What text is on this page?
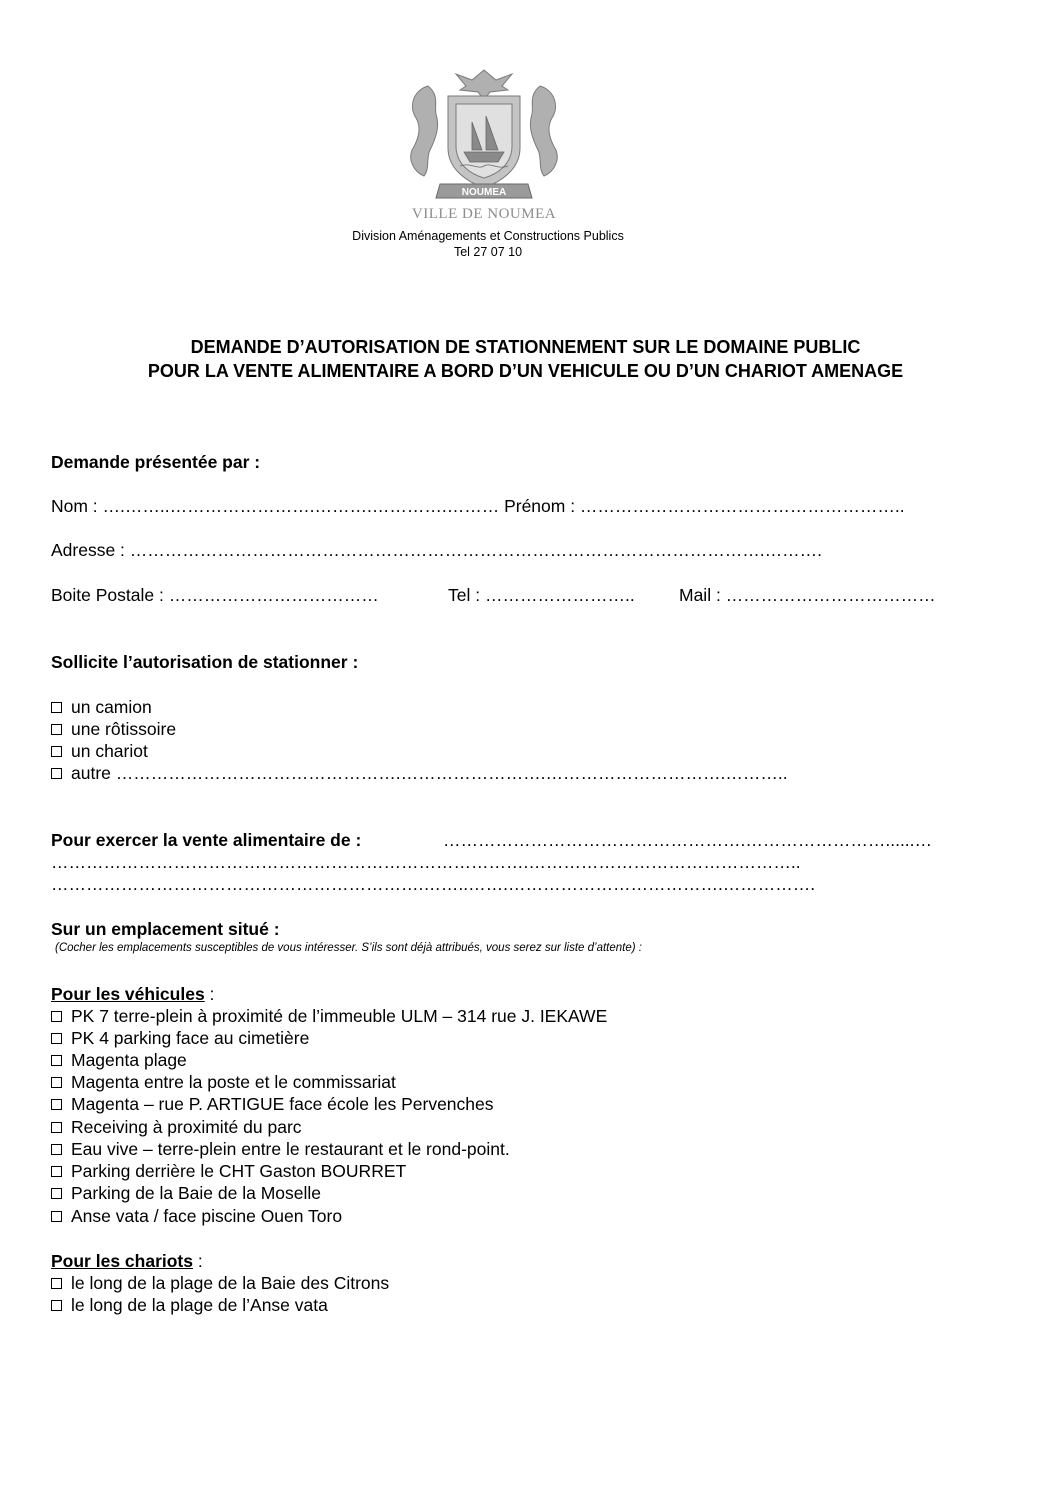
NOUMEA
VILLE DE NOUMEA
Division Aménagements et Constructions Publics
Tel 27 07 10
DEMANDE D’AUTORISATION DE STATIONNEMENT SUR LE DOMAINE PUBLIC
POUR LA VENTE ALIMENTAIRE A BORD D’UN VEHICULE OU D’UN CHARIOT AMENAGE
Demande présentée par :
Nom : ….……..…………………….……….………….……… Prénom : ………………………………………………..
Adresse : ……………………………………………………………………………………………….……….
Boite Postale : ………………………………	Tel : ……………………..	Mail : ………………………………
Sollicite l’autorisation de stationner :
un camion
une rôtissoire
un chariot
autre ………………………………………….…………………….………………………….………..
Pour exercer la vente alimentaire de :	…………………………………………….……………………......…
……………………………………………………………………….………………………………………..
……………………………………………………….……..…….……………………………….…………….
Sur un emplacement situé :
(Cocher les emplacements susceptibles de vous intéresser. S’ils sont déjà attribués, vous serez sur liste d’attente) :
Pour les véhicules :
PK 7 terre-plein à proximité de l’immeuble ULM – 314 rue J. IEKAWE
PK 4 parking face au cimetière
Magenta plage
Magenta entre la poste et le commissariat
Magenta – rue P. ARTIGUE face école les Pervenches
Receiving à proximité du parc
Eau vive – terre-plein entre le restaurant et le rond-point.
Parking derrière le CHT Gaston BOURRET
Parking de la Baie de la Moselle
Anse vata / face piscine Ouen Toro
Pour les chariots :
le long de la plage de la Baie des Citrons
le long de la plage de l’Anse vata
